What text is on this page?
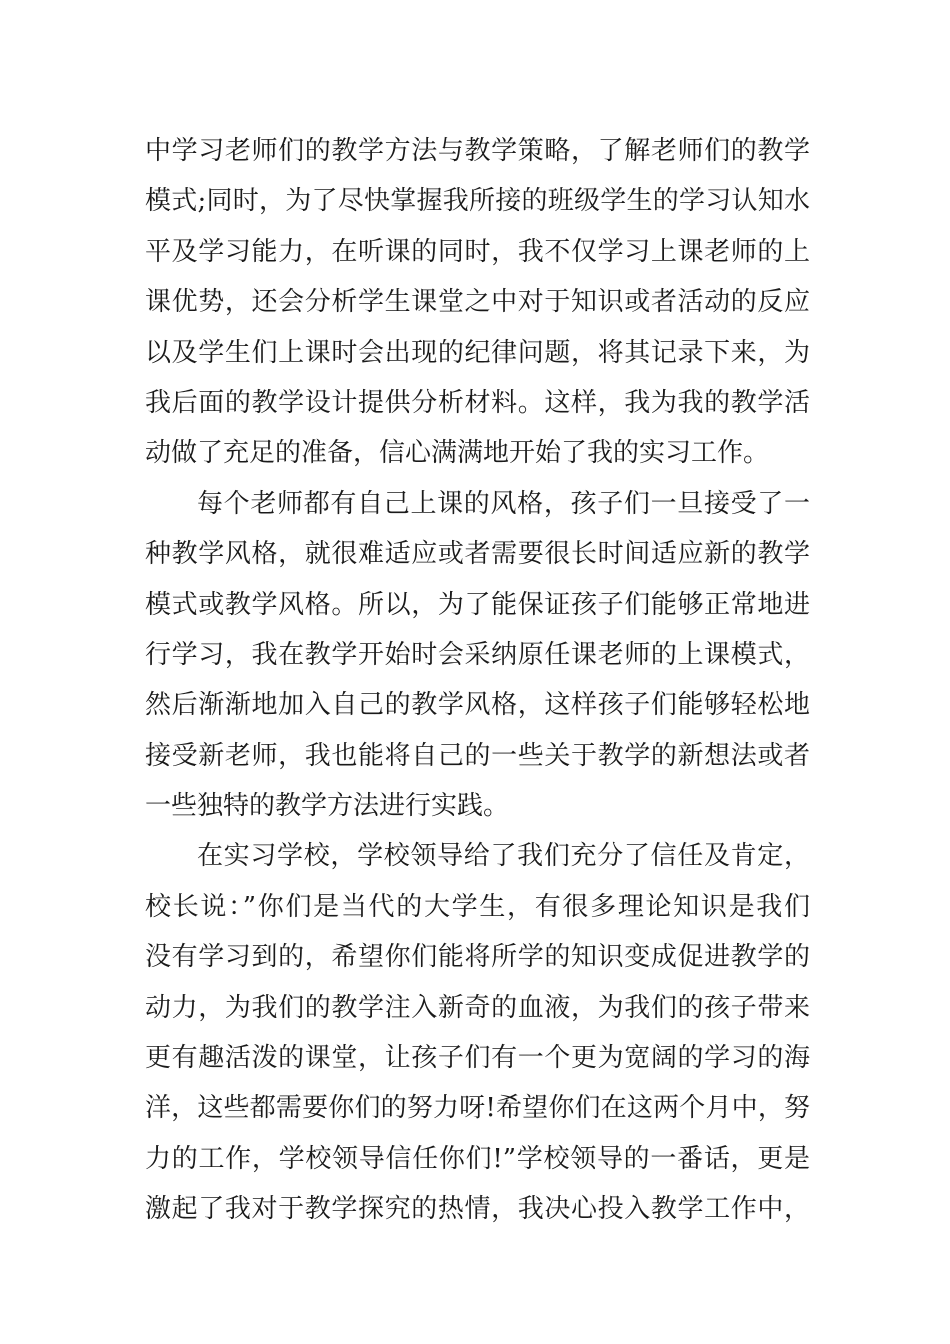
中学习老师们的教学方法与教学策略，了解老师们的教学
模式;同时，为了尽快掌握我所接的班级学生的学习认知水
平及学习能力，在听课的同时，我不仅学习上课老师的上
课优势，还会分析学生课堂之中对于知识或者活动的反应
以及学生们上课时会出现的纪律问题，将其记录下来，为
我后面的教学设计提供分析材料。这样，我为我的教学活
动做了充足的准备，信心满满地开始了我的实习工作。
每个老师都有自己上课的风格，孩子们一旦接受了一
种教学风格，就很难适应或者需要很长时间适应新的教学
模式或教学风格。所以，为了能保证孩子们能够正常地进
行学习，我在教学开始时会采纳原任课老师的上课模式，
然后渐渐地加入自己的教学风格，这样孩子们能够轻松地
接受新老师，我也能将自己的一些关于教学的新想法或者
一些独特的教学方法进行实践。
在实习学校，学校领导给了我们充分了信任及肯定，
校长说：”你们是当代的大学生，有很多理论知识是我们
没有学习到的，希望你们能将所学的知识变成促进教学的
动力，为我们的教学注入新奇的血液，为我们的孩子带来
更有趣活泼的课堂，让孩子们有一个更为宽阔的学习的海
洋，这些都需要你们的努力呀!希望你们在这两个月中，努
力的工作，学校领导信任你们!”学校领导的一番话，更是
激起了我对于教学探究的热情，我决心投入教学工作中，
